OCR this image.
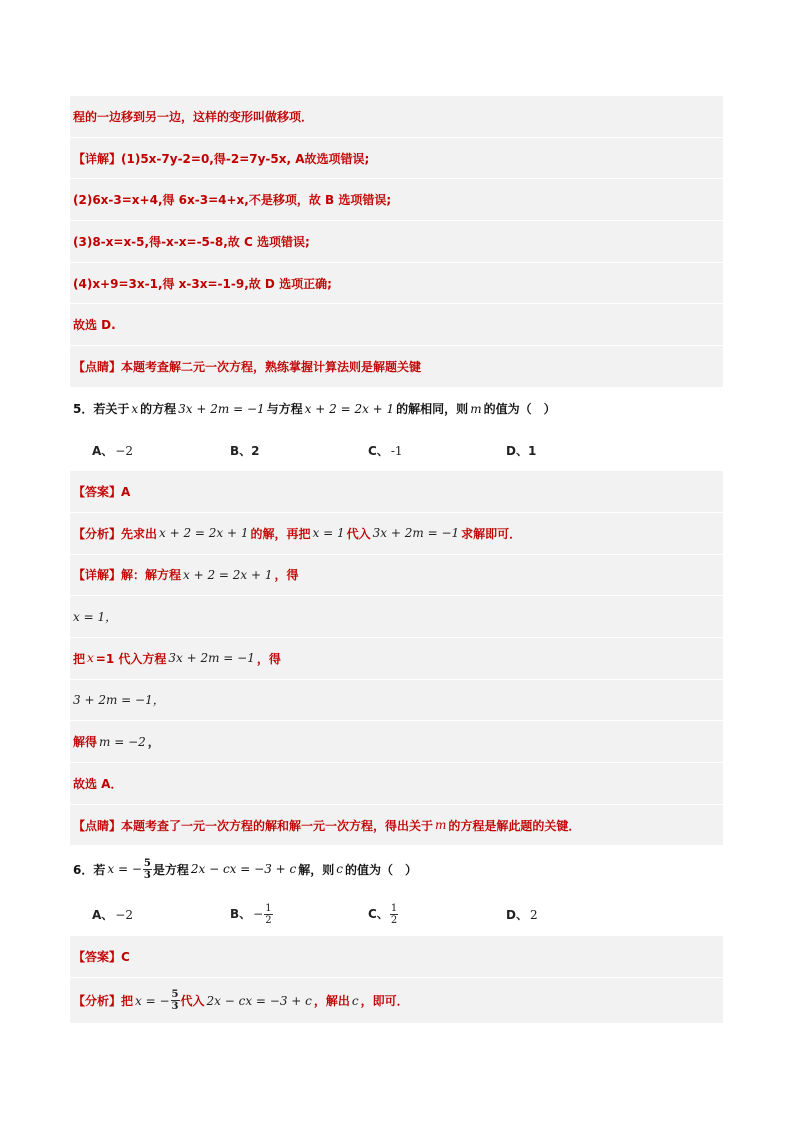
程的一边移到另一边，这样的变形叫做移项．
【详解】 (1)5x-7y-2=0,得-2=7y-5x, A故选项错误;
(2)6x-3=x+4,得 6x-3=4+x,不是移项，故 B 选项错误;
(3)8-x=x-5,得-x-x=-5-8,故 C 选项错误;
(4)x+9=3x-1,得 x-3x=-1-9,故 D 选项正确;
故选 D.
【点睛】 本题考查解二元一次方程，熟练掌握计算法则是解题关键
5． 若关于 x 的方程 3x + 2m = −1 与方程 x + 2 = 2x + 1 的解相同，则 m 的值为（　）
A、 −2	B、2	C、 -1	D、1
【答案】 A
【分析】 先求出 x + 2 = 2x + 1 的解，再把 x = 1 代入 3x + 2m = −1 求解即可．
【详解】 解：解方程 x + 2 = 2x + 1 ，得
x = 1，
把 x =1 代入方程 3x + 2m = −1 ，得
3 + 2m = −1，
解得 m = −2 ，
故选 A．
【点睛】 本题考查了一元一次方程的解和解一元一次方程，得出关于 m 的方程是解此题的关键．
6． 若 x = − $\frac{5}{3}$ 是方程 2x − cx = −3 + c 解，则 c 的值为（　）
A、 −2	B、 − $\frac{1}{2}$	C、 $\frac{1}{2}$	D、 2
【答案】 C
【分析】 把 x = − $\frac{5}{3}$ 代入 2x − cx = −3 + c ，解出 c ，即可．
